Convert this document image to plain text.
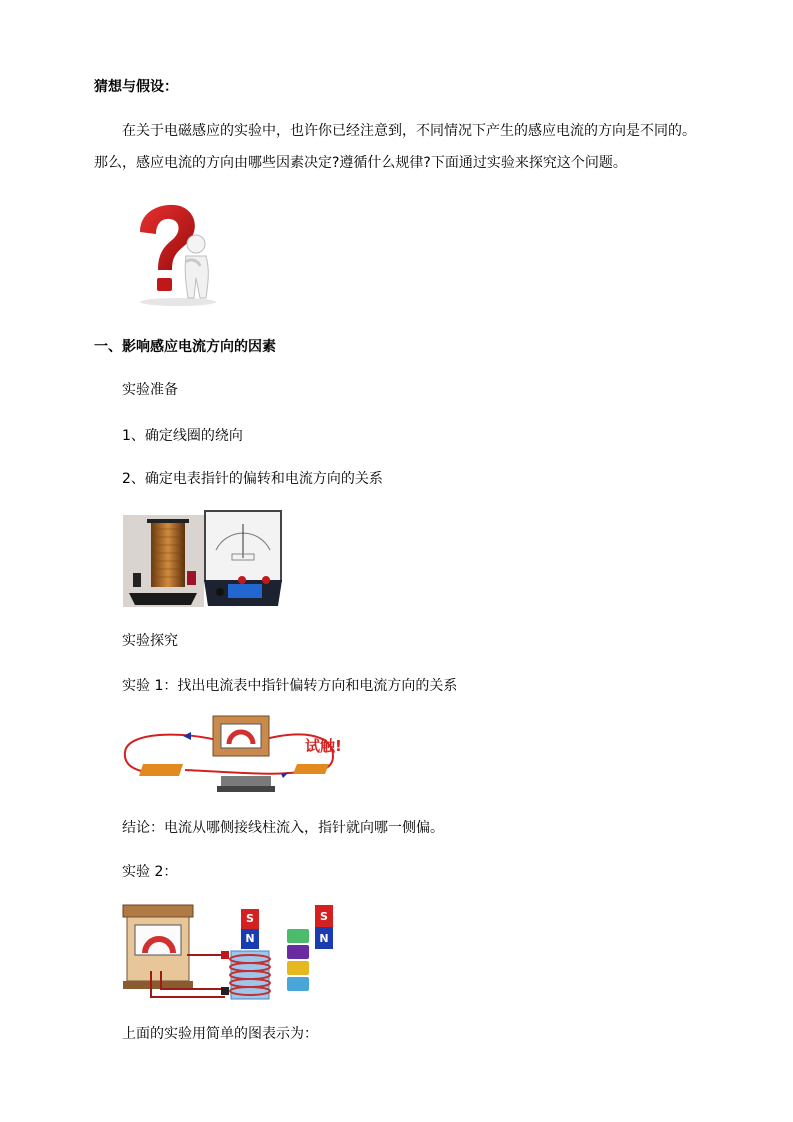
猜想与假设：
在关于电磁感应的实验中，也许你已经注意到，不同情况下产生的感应电流的方向是不同的。那么，感应电流的方向由哪些因素决定?遵循什么规律?下面通过实验来探究这个问题。
一、影响感应电流方向的因素
实验准备
1、确定线圈的绕向
2、确定电表指针的偏转和电流方向的关系
实验探究
实验 1：找出电流表中指针偏转方向和电流方向的关系
试触!
结论：电流从哪侧接线柱流入，指针就向哪一侧偏。
实验 2：
S
N
S
N
上面的实验用简单的图表示为：
